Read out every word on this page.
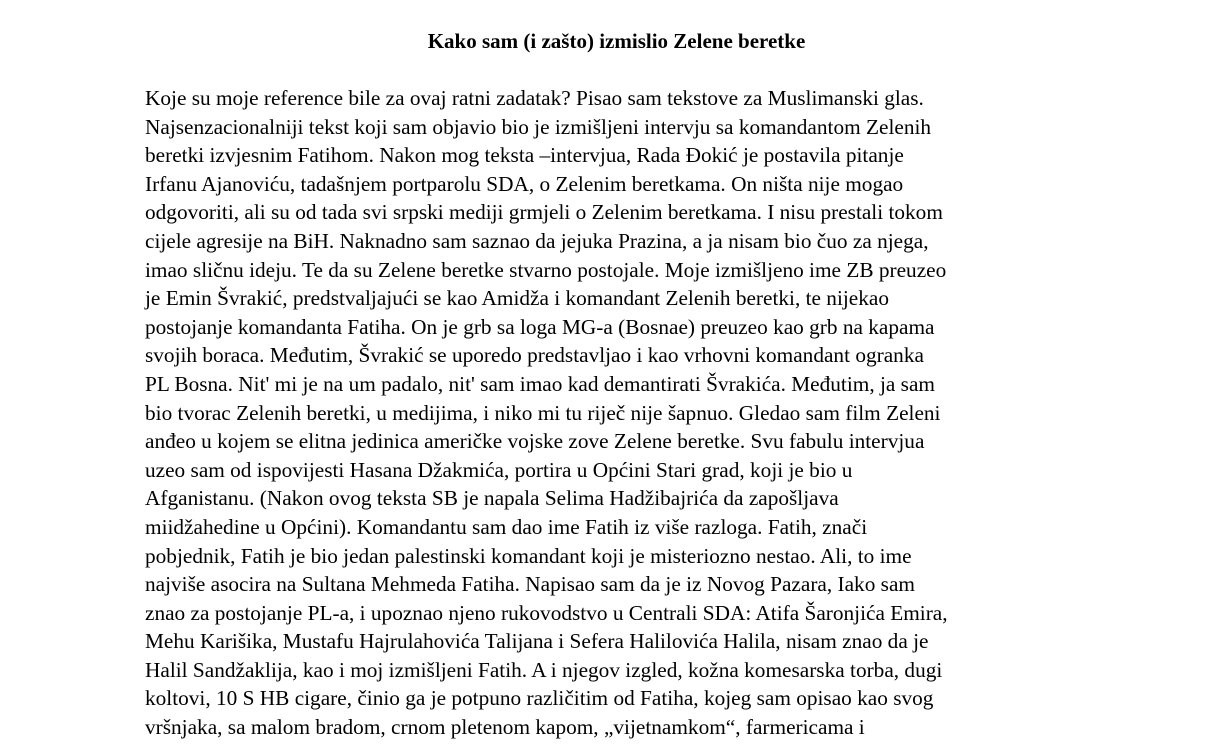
Kako sam (i zašto) izmislio Zelene beretke
Koje su moje reference bile za ovaj ratni zadatak? Pisao sam tekstove za Muslimanski glas.
Najsenzacionalniji tekst koji sam objavio bio je izmišljeni intervju sa komandantom Zelenih
beretki izvjesnim Fatihom. Nakon mog teksta –intervjua, Rada Đokić je postavila pitanje
Irfanu Ajanoviću, tadašnjem portparolu SDA, o Zelenim beretkama. On ništa nije mogao
odgovoriti, ali su od tada svi srpski mediji grmjeli o Zelenim beretkama. I nisu prestali tokom
cijele agresije na BiH. Naknadno sam saznao da jejuka Prazina, a ja nisam bio čuo za njega,
imao sličnu ideju. Te da su Zelene beretke stvarno postojale. Moje izmišljeno ime ZB preuzeo
je Emin Švrakić, predstvaljajući se kao Amidža i komandant Zelenih beretki, te nijekao
postojanje komandanta Fatiha. On je grb sa loga MG-a (Bosnae) preuzeo kao grb na kapama
svojih boraca. Međutim, Švrakić se uporedo predstavljao i kao vrhovni komandant ogranka
PL Bosna. Nit' mi je na um padalo, nit' sam imao kad demantirati Švrakića. Međutim, ja sam
bio tvorac Zelenih beretki, u medijima, i niko mi tu riječ nije šapnuo. Gledao sam film Zeleni
anđeo u kojem se elitna jedinica američke vojske zove Zelene beretke. Svu fabulu intervjua
uzeo sam od ispovijesti Hasana Džakmića, portira u Općini Stari grad, koji je bio u
Afganistanu. (Nakon ovog teksta SB je napala Selima Hadžibajrića da zapošljava
miidžahedine u Općini). Komandantu sam dao ime Fatih iz više razloga. Fatih, znači
pobjednik, Fatih je bio jedan palestinski komandant koji je misteriozno nestao. Ali, to ime
najviše asocira na Sultana Mehmeda Fatiha. Napisao sam da je iz Novog Pazara, Iako sam
znao za postojanje PL-a, i upoznao njeno rukovodstvo u Centrali SDA: Atifa Šaronjića Emira,
Mehu Karišika, Mustafu Hajrulahovića Talijana i Sefera Halilovića Halila, nisam znao da je
Halil Sandžaklija, kao i moj izmišljeni Fatih. A i njegov izgled, kožna komesarska torba, dugi
koltovi, 10 S HB cigare, činio ga je potpuno različitim od Fatiha, kojeg sam opisao kao svog
vršnjaka, sa malom bradom, crnom pletenom kapom, „vijetnamkom“, farmericama i
